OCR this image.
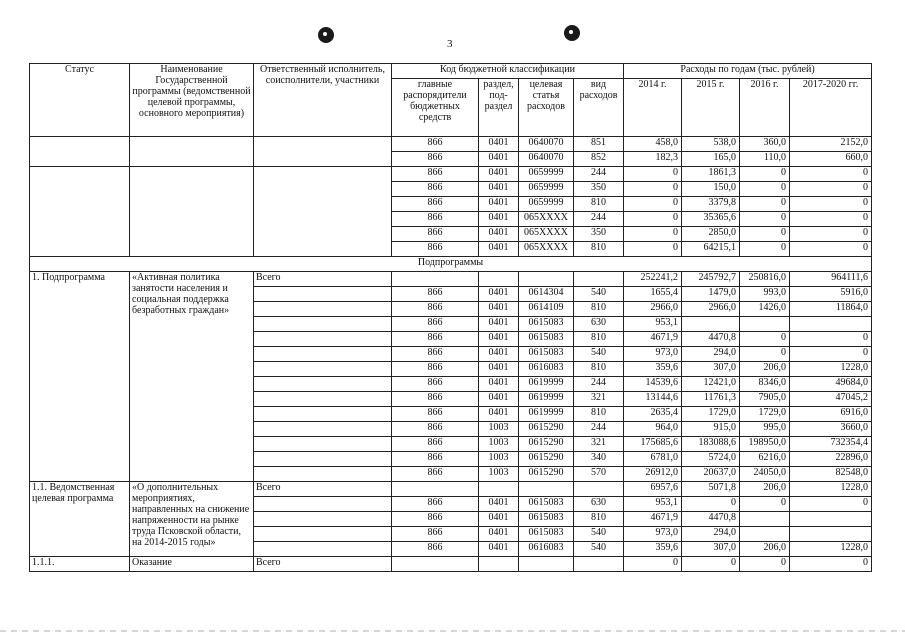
3
Статус	Наименование Государственной программы (ведомственной целевой программы, основного мероприятия)	Ответственный исполнитель, соисполнители, участники	Код бюджетной классификации				Расходы по годам (тыс. рублей)			
			главные распорядители бюджетных средств	раздел, под-раздел	целевая статья расходов	вид расходов	2014 г.	2015 г.	2016 г.	2017-2020 гг.
			866	0401	0640070	851	458,0	538,0	360,0	2152,0
			866	0401	0640070	852	182,3	165,0	110,0	660,0
			866	0401	0659999	244	0	1861,3	0	0
			866	0401	0659999	350	0	150,0	0	0
			866	0401	0659999	810	0	3379,8	0	0
			866	0401	065XXXX	244	0	35365,6	0	0
			866	0401	065XXXX	350	0	2850,0	0	0
			866	0401	065XXXX	810	0	64215,1	0	0
Подпрограммы										
1. Подпрограмма	«Активная политика занятости населения и социальная поддержка безработных граждан»	Всего					252241,2	245792,7	250816,0	964111,6
			866	0401	0614304	540	1655,4	1479,0	993,0	5916,0
			866	0401	0614109	810	2966,0	2966,0	1426,0	11864,0
			866	0401	0615083	630	953,1			
			866	0401	0615083	810	4671,9	4470,8	0	0
			866	0401	0615083	540	973,0	294,0	0	0
			866	0401	0616083	810	359,6	307,0	206,0	1228,0
			866	0401	0619999	244	14539,6	12421,0	8346,0	49684,0
			866	0401	0619999	321	13144,6	11761,3	7905,0	47045,2
			866	0401	0619999	810	2635,4	1729,0	1729,0	6916,0
			866	1003	0615290	244	964,0	915,0	995,0	3660,0
			866	1003	0615290	321	175685,6	183088,6	198950,0	732354,4
			866	1003	0615290	340	6781,0	5724,0	6216,0	22896,0
			866	1003	0615290	570	26912,0	20637,0	24050,0	82548,0
1.1. Ведомственная целевая программа	«О дополнительных мероприятиях, направленных на снижение напряженности на рынке труда Псковской области, на 2014-2015 годы»	Всего					6957,6	5071,8	206,0	1228,0
			866	0401	0615083	630	953,1	0	0	0
			866	0401	0615083	810	4671,9	4470,8		
			866	0401	0615083	540	973,0	294,0		
			866	0401	0616083	540	359,6	307,0	206,0	1228,0
1.1.1.	Оказание	Всего					0	0	0	0
